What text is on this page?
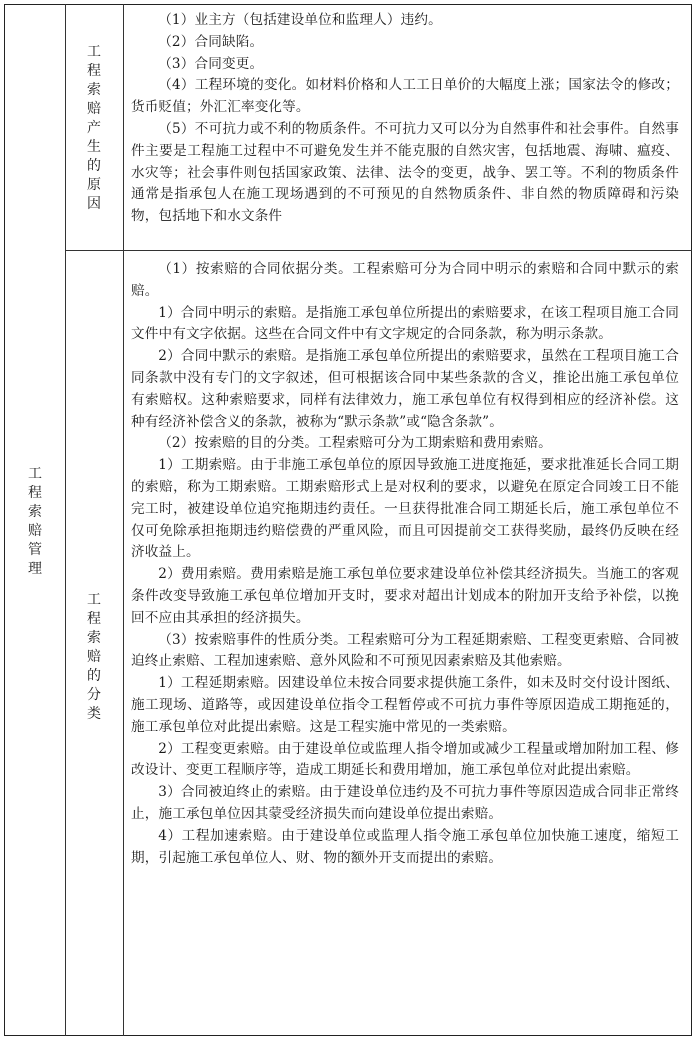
工程索赔管理
工程索赔产生的原因
工程索赔的分类

（1）业主方（包括建设单位和监理人）违约。

（2）合同缺陷。

（3）合同变更。

（4）工程环境的变化。如材料价格和人工工日单价的大幅度上涨；国家法令的修改；货币贬值；外汇汇率变化等。

（5）不可抗力或不利的物质条件。不可抗力又可以分为自然事件和社会事件。自然事件主要是工程施工过程中不可避免发生并不能克服的自然灾害，包括地震、海啸、瘟疫、水灾等；社会事件则包括国家政策、法律、法令的变更，战争、罢工等。不利的物质条件通常是指承包人在施工现场遇到的不可预见的自然物质条件、非自然的物质障碍和污染物，包括地下和水文条件

（1）按索赔的合同依据分类。工程索赔可分为合同中明示的索赔和合同中默示的索赔。

1）合同中明示的索赔。是指施工承包单位所提出的索赔要求，在该工程项目施工合同文件中有文字依据。这些在合同文件中有文字规定的合同条款，称为明示条款。

2）合同中默示的索赔。是指施工承包单位所提出的索赔要求，虽然在工程项目施工合同条款中没有专门的文字叙述，但可根据该合同中某些条款的含义，推论出施工承包单位有索赔权。这种索赔要求，同样有法律效力，施工承包单位有权得到相应的经济补偿。这种有经济补偿含义的条款，被称为“默示条款”或“隐含条款”。

（2）按索赔的目的分类。工程索赔可分为工期索赔和费用索赔。

1）工期索赔。由于非施工承包单位的原因导致施工进度拖延，要求批准延长合同工期的索赔，称为工期索赔。工期索赔形式上是对权利的要求，以避免在原定合同竣工日不能完工时，被建设单位追究拖期违约责任。一旦获得批准合同工期延长后，施工承包单位不仅可免除承担拖期违约赔偿费的严重风险，而且可因提前交工获得奖励，最终仍反映在经济收益上。

2）费用索赔。费用索赔是施工承包单位要求建设单位补偿其经济损失。当施工的客观条件改变导致施工承包单位增加开支时，要求对超出计划成本的附加开支给予补偿，以挽回不应由其承担的经济损失。

（3）按索赔事件的性质分类。工程索赔可分为工程延期索赔、工程变更索赔、合同被迫终止索赔、工程加速索赔、意外风险和不可预见因素索赔及其他索赔。

1）工程延期索赔。因建设单位未按合同要求提供施工条件，如未及时交付设计图纸、施工现场、道路等，或因建设单位指令工程暂停或不可抗力事件等原因造成工期拖延的，施工承包单位对此提出索赔。这是工程实施中常见的一类索赔。

2）工程变更索赔。由于建设单位或监理人指令增加或减少工程量或增加附加工程、修改设计、变更工程顺序等，造成工期延长和费用增加，施工承包单位对此提出索赔。

3）合同被迫终止的索赔。由于建设单位违约及不可抗力事件等原因造成合同非正常终止，施工承包单位因其蒙受经济损失而向建设单位提出索赔。

4）工程加速索赔。由于建设单位或监理人指令施工承包单位加快施工速度，缩短工期，引起施工承包单位人、财、物的额外开支而提出的索赔。
